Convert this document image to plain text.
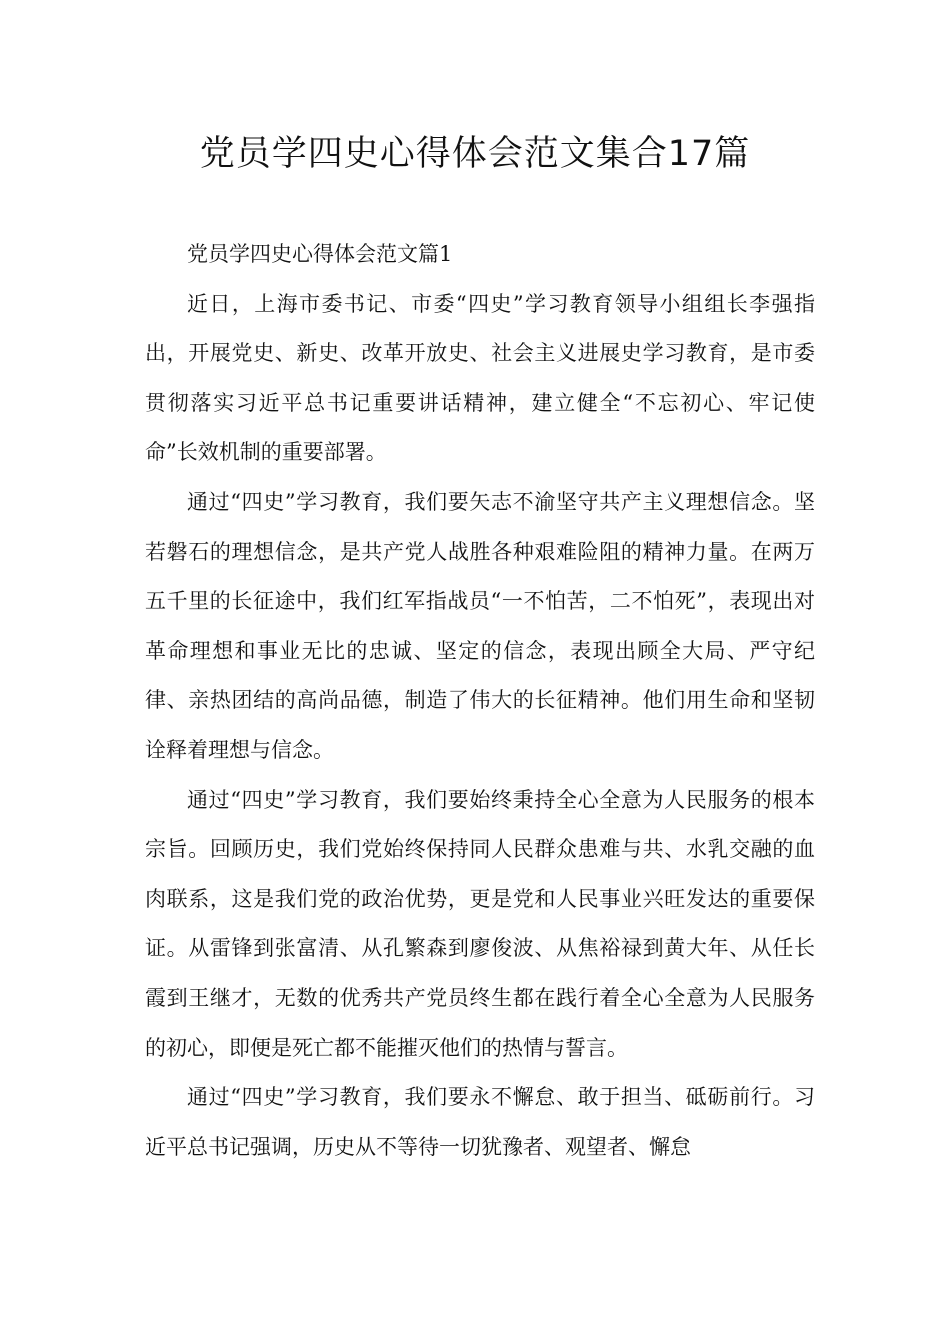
党员学四史心得体会范文集合17篇

党员学四史心得体会范文篇1

近日，上海市委书记、市委“四史”学习教育领导小组组长李强指出，开展党史、新史、改革开放史、社会主义进展史学习教育，是市委贯彻落实习近平总书记重要讲话精神，建立健全“不忘初心、牢记使命”长效机制的重要部署。

通过“四史”学习教育，我们要矢志不渝坚守共产主义理想信念。坚若磐石的理想信念，是共产党人战胜各种艰难险阻的精神力量。在两万五千里的长征途中，我们红军指战员“一不怕苦，二不怕死”，表现出对革命理想和事业无比的忠诚、坚定的信念，表现出顾全大局、严守纪律、亲热团结的高尚品德，制造了伟大的长征精神。他们用生命和坚韧诠释着理想与信念。

通过“四史”学习教育，我们要始终秉持全心全意为人民服务的根本宗旨。回顾历史，我们党始终保持同人民群众患难与共、水乳交融的血肉联系，这是我们党的政治优势，更是党和人民事业兴旺发达的重要保证。从雷锋到张富清、从孔繁森到廖俊波、从焦裕禄到黄大年、从任长霞到王继才，无数的优秀共产党员终生都在践行着全心全意为人民服务的初心，即便是死亡都不能摧灭他们的热情与誓言。

通过“四史”学习教育，我们要永不懈怠、敢于担当、砥砺前行。习近平总书记强调，历史从不等待一切犹豫者、观望者、懈怠
